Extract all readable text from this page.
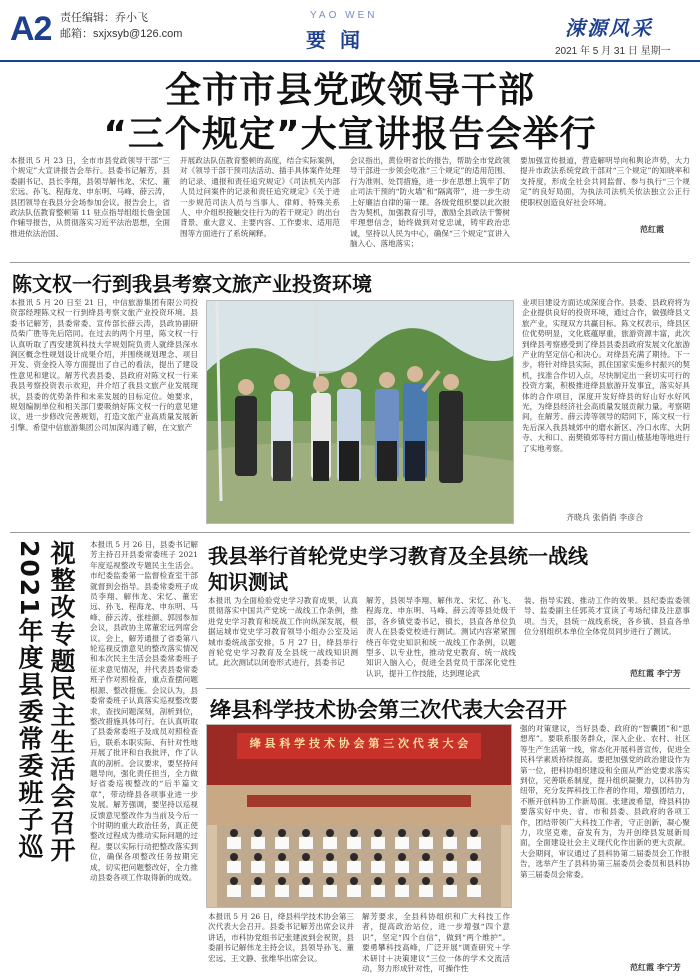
A2 责任编辑：乔小飞
邮箱：sxjxsyb@126.com
YAO WEN
要闻	涑源风采
2021 年 5 月 31 日 星期一
全市市县党政领导干部
“三个规定”大宣讲报告会举行
本报讯 5 月 23 日，全市市县党政领导干部“三个规定”大宣讲报告会举行。县委书记解芳，县委副书记、县长李翔，县领导解伟龙、宋忆、董宏远、孙飞、程海龙、申东明、马峰、薛云涛，县团领导在我县分会场参加会议。报告会上，省政法队伍教育整顿第 11 驻点指导组组长詹金国作辅导报告，从贯彻落实习近平法治思想，全面推进依法治国、
开展政法队伍教育整顿的高度，结合实际案例，对《领导干部干预司法活动、插手具体案件处理的记录、通报和责任追究规定》《司法机关内部人员过问案件的记录和责任追究规定》《关于进一步规范司法人员与当事人、律师、特殊关系人、中介组织接触交往行为的若干规定》的出台背景、重大意义、主要内容、工作要求、适用范围等方面进行了系统阐释。
会议指出，黄俭明省长的报告，帮助全市党政领导干部进一步领会吃准“三个规定”的适用范围、行为准则、处罚措施，进一步在思想上筑牢了防止司法干预的“防火墙”和“隔离带”，进一步生动上好廉洁自律的第一课。各级党组织要以此次报告为契机，加强教育引导，激励全县政法干警树牢理想信念，始终做到对党忠诚，铸牢政治忠诚，坚持以人民为中心，确保“三个规定”宣讲入脑入心、落地落实；
要加强宣传报道，营造解明导向和舆论声势，大力提升市政法系统党政干部对“三个规定”的知晓率和支持度，形成全社会共同监督、参与执行“三个规定”的良好局面，为执法司法机关依法独立公正行使职权创造良好社会环境。
范红霞
陈文权一行到我县考察文旅产业投资环境
本报讯 5 月 20 日至 21 日，中信旅游集团有限公司投资部经理陈文权一行到绛县考察文旅产业投资环境。县委书记解芳，县委常委、宣传部长薛云涛，县政协副研员柴广胜等先后陪同。在过去的两个月里，陈文权一行认真听取了西安建筑科技大学规划院负责人就绛县深水涧区概念性规划设计成果介绍，并围绕规划理念、项目开发、资金投入等方面提出了自己的看法，提出了建设性意见和建议。解芳代表县委、县政府对陈文权一行来我县考察投资表示欢迎，并介绍了我县文旅产业发展现状，县委的优势条件和未来发展的目标定位。她要求，规划编制单位和相关部门要吸纳好陈文权一行的意见建议，进一步修改完善规划，打造文旅产业高质量发展新引擎。希望中信旅游集团公司加深沟通了解，在文旅产
业项目建设方面达成深度合作。县委、县政府将为企业提供良好的投资环境，通过合作，做强绛县文旅产业，实现双方共赢目标。陈文权表示，绛县区位优势明显，文化底蕴厚重，旅游资源丰富，此次到绛县考察感受到了绛县县委县政府发展文化旅游产业的坚定信心和决心。对绛县充满了期待。下一步，将针对绛县实际，抓住国家实施乡村振兴的契机，找准合作切入点，尽快制定出一套切实可行的投资方案，积极推进绛县旅游开发事宜，落实好具体的合作项目，深度开发好绛县的好山好水好风光，为绛县经济社会高质量发展贡献力量。考察期间，在解芳、薛云涛等领导的陪同下，陈文权一行先后深入我县城郊中的磨水新区、冷口水库、大阴寺、大和口、南樊镇郊等村方面山楂基地等地进行了实地考察。
齐晓兵 张俏俏 李彦合
视整改专题民主生活会召开
2021年度县委常委班子巡	本报讯 5 月 26 日，县委书记解芳主持召开县委常委班子 2021 年度巡视整改专题民主生活会。市纪委监委第一监督检查室干部就督到会指导。县委常委班子成员李翔、解伟龙、宋忆、董宏远、孙飞、程海龙、申东明、马峰、薛云涛、张桂颜、郭园参加会议，县政协主席董宏远列席会议。会上，解芳通报了省委第八轮巡视反馈意见的整改落实情况和本次民主生活会县委常委班子征求意见情况，并代表县委常委班子作对照检查，重点查摆问题根源、整改措施。会议认为，县委常委班子认真落实巡视整改要求，查找问题深刻，剖析到位，整改措施具体可行。在认真听取了县委常委班子及成员对照检查后，联系本职实际、有针对性地开展了批评和自我批评，作了认真的剖析。会议要求，要坚持问题导向，强化责任担当，全力做好省委巡视整改的“后半篇文章”，带动绛县各项事业进一步发展。解芳强调，要坚持以巡视反馈意见整改作为当前及今后一个时期的重大政治任务，真正使整改过程成为推动实际问题的过程。要以实际行动把整改落实到位，确保各项整改任务按期完成，切实把问题整改好，全力推动县委各项工作取得新的成效。
我县举行首轮党史学习教育及全县统一战线
知识测试
本报讯 为全面检验党史学习教育成果，认真贯彻落实中国共产党统一战线工作条例，推进党史学习教育和统战工作向纵深发展，根据运城市党史学习教育领导小组办公室及运城市委统战部安排，5 月 27 日，绛县举行首轮党史学习教育及全县统一战线知识测试。此次测试以闭卷形式进行，县委书记
解芳，县领导李翔、解伟龙、宋忆、孙飞、程海龙、申东明、马峰、薛云涛等县处级干部，各乡镇党委书记，镇长，县直各单位负责人在县委党校进行测试。测试内容紧紧围绕百年党史知识和统一战线工作条例，以题型多、以专业性，推动党史教育、统一战线知识入脑入心，促进全县党员干部深化党性认识，提升工作技能，达到理论武
装、指导实践、推动工作的效果。县纪委监委领导、监委副主任郭英才宣读了考场纪律及注意事项。当天，县统一战线系统，各乡镇、县直各单位分别组织本单位全体党员同步进行了测试。
范红霞 李宁芳
绛县科学技术协会第三次代表大会召开
绛 县 科 学 技 术 协 会 第 三 次 代 表 大 会
本报讯 5 月 26 日，绛县科学技术协会第三次代表大会召开。县委书记解芳出席会议并讲话，市科协党组书记张建波到会祝贺，县委副书记解伟龙主持会议，县领导孙飞、董宏远、王文静、张维华出席会议。
解芳要求，全县科协组织和广大科技工作者，提高政治站位，进一步增强“四个意识”，坚定“四个自信”，做到“两个维护”。要勇攀科技高峰，广泛开展“调查研究＋学术研讨＋决策建议”三位一体的学术交流活动，努力形成针对性，可操作性
强的对策建议，当好县委、政府的“智囊团”和“思想库”。要联系服务群众，深入企业、农村、社区等生产生活第一线，常态化开展科普宣传，促进全民科学素质持续提高。要把加强党的政治建设作为第一位，把科协组织建设和全面从严治党要求落实到位，完善联系制度，提升组织凝聚力，以科协为纽带，充分发挥科技工作者的作用，增强团结力，不断开创科协工作新局面。张建波希望，绛县科协要落实好中央、省、市和县委、县政府的各项工作，团结带领广大科技工作者，守正创新，凝心聚力，攻坚克难，奋发有为，为开创绛县发展新局面，全面建设社会主义现代化作出新的更大贡献。大会期间，审议通过了县科协第二届委员会工作报告，选举产生了县科协第三届委员会委员和县科协第三届委员会常委。
范红霞 李宁芳
